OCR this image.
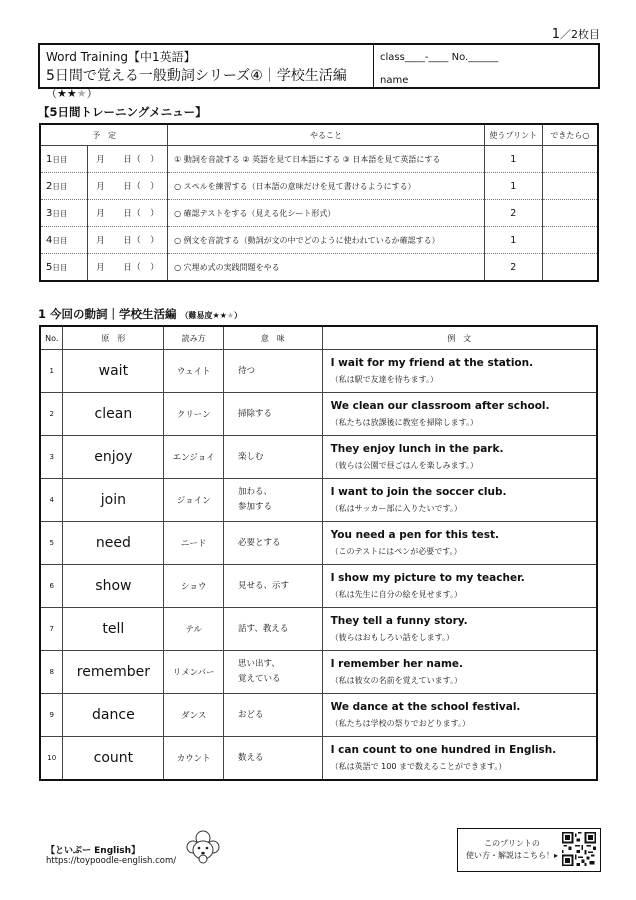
1／2枚目
Word Training【中1英語】
5日間で覚える一般動詞シリーズ④｜学校生活編 （★★★）
class____-____ No.______
name
【5日間トレーニングメニュー】
予　定		やること	使うプリント	できたら○
1日目	月　　日（　）	① 動詞を音読する ② 英語を見て日本語にする ③ 日本語を見て英語にする	1	
2日目	月　　日（　）	○ スペルを練習する（日本語の意味だけを見て書けるようにする）	1	
3日目	月　　日（　）	○ 確認テストをする（見える化シート形式）	2	
4日目	月　　日（　）	○ 例文を音読する（動詞が文の中でどのように使われているか確認する）	1	
5日目	月　　日（　）	○ 穴埋め式の実践問題をやる	2	
1 今回の動詞｜学校生活編 （難易度★★★）
No.	原　形	読み方	意　味	例　文
1	wait	ウェイト	待つ	I wait for my friend at the station.
（私は駅で友達を待ちます。）

2	clean	クリーン	掃除する	We clean our classroom after school.
（私たちは放課後に教室を掃除します。）

3	enjoy	エンジョイ	楽しむ	They enjoy lunch in the park.
（彼らは公園で昼ごはんを楽しみます。）

4	join	ジョイン	加わる、
参加する	I want to join the soccer club.
（私はサッカー部に入りたいです。）

5	need	ニード	必要とする	You need a pen for this test.
（このテストにはペンが必要です。）

6	show	ショウ	見せる、示す	I show my picture to my teacher.
（私は先生に自分の絵を見せます。）

7	tell	テル	話す、教える	They tell a funny story.
（彼らはおもしろい話をします。）

8	remember	リメンバー	思い出す、
覚えている	I remember her name.
（私は彼女の名前を覚えています。）

9	dance	ダンス	おどる	We dance at the school festival.
（私たちは学校の祭りでおどります。）

10	count	カウント	数える	I can count to one hundred in English.
（私は英語で 100 まで数えることができます。）
【といぷー English】
https://toypoodle-english.com/
このプリントの
使い方・解説はこちら！▸
